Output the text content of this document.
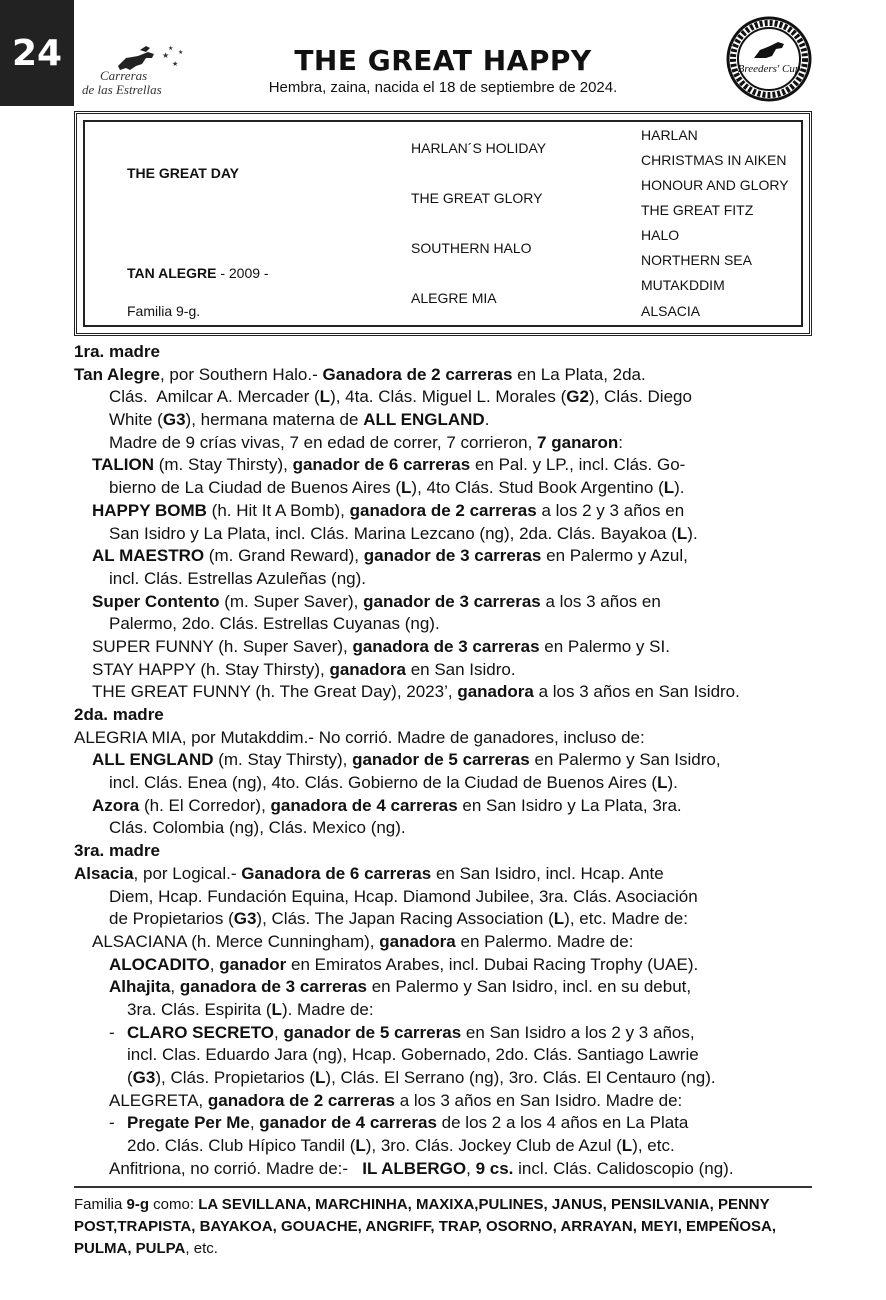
24	★
★
★
★
Carreras
de las Estrellas
THE GREAT HAPPY
Hembra, zaina, nacida el 18 de septiembre de 2024.
Breeders' Cup
THE GREAT DAY
TAN ALEGRE - 2009 -
Familia 9-g.
HARLAN´S HOLIDAY
THE GREAT GLORY
SOUTHERN HALO
ALEGRE MIA
HARLAN
CHRISTMAS IN AIKEN
HONOUR AND GLORY
THE GREAT FITZ
HALO
NORTHERN SEA
MUTAKDDIM
ALSACIA
1ra. madre
Tan Alegre, por Southern Halo.- Ganadora de 2 carreras en La Plata, 2da.
Clás.  Amilcar A. Mercader (L), 4ta. Clás. Miguel L. Morales (G2), Clás. Diego
White (G3), hermana materna de ALL ENGLAND.
Madre de 9 crías vivas, 7 en edad de correr, 7 corrieron, 7 ganaron:
TALION (m. Stay Thirsty), ganador de 6 carreras en Pal. y LP., incl. Clás. Go-
bierno de La Ciudad de Buenos Aires (L), 4to Clás. Stud Book Argentino (L).
HAPPY BOMB (h. Hit It A Bomb), ganadora de 2 carreras a los 2 y 3 años en
San Isidro y La Plata, incl. Clás. Marina Lezcano (ng), 2da. Clás. Bayakoa (L).
AL MAESTRO (m. Grand Reward), ganador de 3 carreras en Palermo y Azul,
incl. Clás. Estrellas Azuleñas (ng).
Super Contento (m. Super Saver), ganador de 3 carreras a los 3 años en
Palermo, 2do. Clás. Estrellas Cuyanas (ng).
SUPER FUNNY (h. Super Saver), ganadora de 3 carreras en Palermo y SI.
STAY HAPPY (h. Stay Thirsty), ganadora en San Isidro.
THE GREAT FUNNY (h. The Great Day), 2023’, ganadora a los 3 años en San Isidro.
2da. madre
ALEGRIA MIA, por Mutakddim.- No corrió. Madre de ganadores, incluso de:
ALL ENGLAND (m. Stay Thirsty), ganador de 5 carreras en Palermo y San Isidro,
incl. Clás. Enea (ng), 4to. Clás. Gobierno de la Ciudad de Buenos Aires (L).
Azora (h. El Corredor), ganadora de 4 carreras en San Isidro y La Plata, 3ra.
Clás. Colombia (ng), Clás. Mexico (ng).
3ra. madre
Alsacia, por Logical.- Ganadora de 6 carreras en San Isidro, incl. Hcap. Ante
Diem, Hcap. Fundación Equina, Hcap. Diamond Jubilee, 3ra. Clás. Asociación
de Propietarios (G3), Clás. The Japan Racing Association (L), etc. Madre de:
ALSACIANA (h. Merce Cunningham), ganadora en Palermo. Madre de:
ALOCADITO, ganador en Emiratos Arabes, incl. Dubai Racing Trophy (UAE).
Alhajita, ganadora de 3 carreras en Palermo y San Isidro, incl. en su debut,
3ra. Clás. Espirita (L). Madre de:
- CLARO SECRETO, ganador de 5 carreras en San Isidro a los 2 y 3 años,
incl. Clas. Eduardo Jara (ng), Hcap. Gobernado, 2do. Clás. Santiago Lawrie
(G3), Clás. Propietarios (L), Clás. El Serrano (ng), 3ro. Clás. El Centauro (ng).
ALEGRETA, ganadora de 2 carreras a los 3 años en San Isidro. Madre de:
- Pregate Per Me, ganador de 4 carreras de los 2 a los 4 años en La Plata
2do. Clás. Club Hípico Tandil (L), 3ro. Clás. Jockey Club de Azul (L), etc.
Anfitriona, no corrió. Madre de:-   IL ALBERGO, 9 cs. incl. Clás. Calidoscopio (ng).
Familia 9-g como: LA SEVILLANA, MARCHINHA, MAXIXA,PULINES, JANUS, PENSILVANIA, PENNY POST,TRAPISTA, BAYAKOA, GOUACHE, ANGRIFF, TRAP, OSORNO, ARRAYAN, MEYI, EMPEÑOSA, PULMA, PULPA, etc.
